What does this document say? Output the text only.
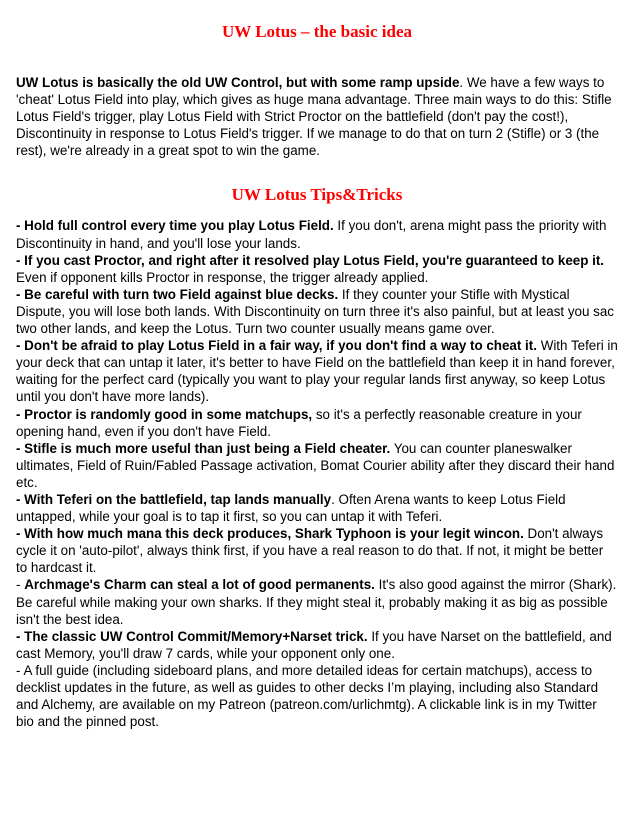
UW Lotus – the basic idea

UW Lotus is basically the old UW Control, but with some ramp upside. We have a few ways to 'cheat' Lotus Field into play, which gives as huge mana advantage. Three main ways to do this: Stifle Lotus Field's trigger, play Lotus Field with Strict Proctor on the battlefield (don't pay the cost!), Discontinuity in response to Lotus Field's trigger. If we manage to do that on turn 2 (Stifle) or 3 (the rest), we're already in a great spot to win the game.

UW Lotus Tips&Tricks

- Hold full control every time you play Lotus Field. If you don't, arena might pass the priority with Discontinuity in hand, and you'll lose your lands.

- If you cast Proctor, and right after it resolved play Lotus Field, you're guaranteed to keep it. Even if opponent kills Proctor in response, the trigger already applied.

- Be careful with turn two Field against blue decks. If they counter your Stifle with Mystical Dispute, you will lose both lands. With Discontinuity on turn three it's also painful, but at least you sac two other lands, and keep the Lotus. Turn two counter usually means game over.

- Don't be afraid to play Lotus Field in a fair way, if you don't find a way to cheat it. With Teferi in your deck that can untap it later, it's better to have Field on the battlefield than keep it in hand forever, waiting for the perfect card (typically you want to play your regular lands first anyway, so keep Lotus until you don't have more lands).

- Proctor is randomly good in some matchups, so it's a perfectly reasonable creature in your opening hand, even if you don't have Field.

- Stifle is much more useful than just being a Field cheater. You can counter planeswalker ultimates, Field of Ruin/Fabled Passage activation, Bomat Courier ability after they discard their hand etc.

- With Teferi on the battlefield, tap lands manually. Often Arena wants to keep Lotus Field untapped, while your goal is to tap it first, so you can untap it with Teferi.

- With how much mana this deck produces, Shark Typhoon is your legit wincon. Don't always cycle it on 'auto-pilot', always think first, if you have a real reason to do that. If not, it might be better to hardcast it.

- Archmage's Charm can steal a lot of good permanents. It's also good against the mirror (Shark). Be careful while making your own sharks. If they might steal it, probably making it as big as possible isn't the best idea.

- The classic UW Control Commit/Memory+Narset trick. If you have Narset on the battlefield, and cast Memory, you'll draw 7 cards, while your opponent only one.

- A full guide (including sideboard plans, and more detailed ideas for certain matchups), access to decklist updates in the future, as well as guides to other decks I’m playing, including also Standard and Alchemy, are available on my Patreon (patreon.com/urlichmtg). A clickable link is in my Twitter bio and the pinned post.
